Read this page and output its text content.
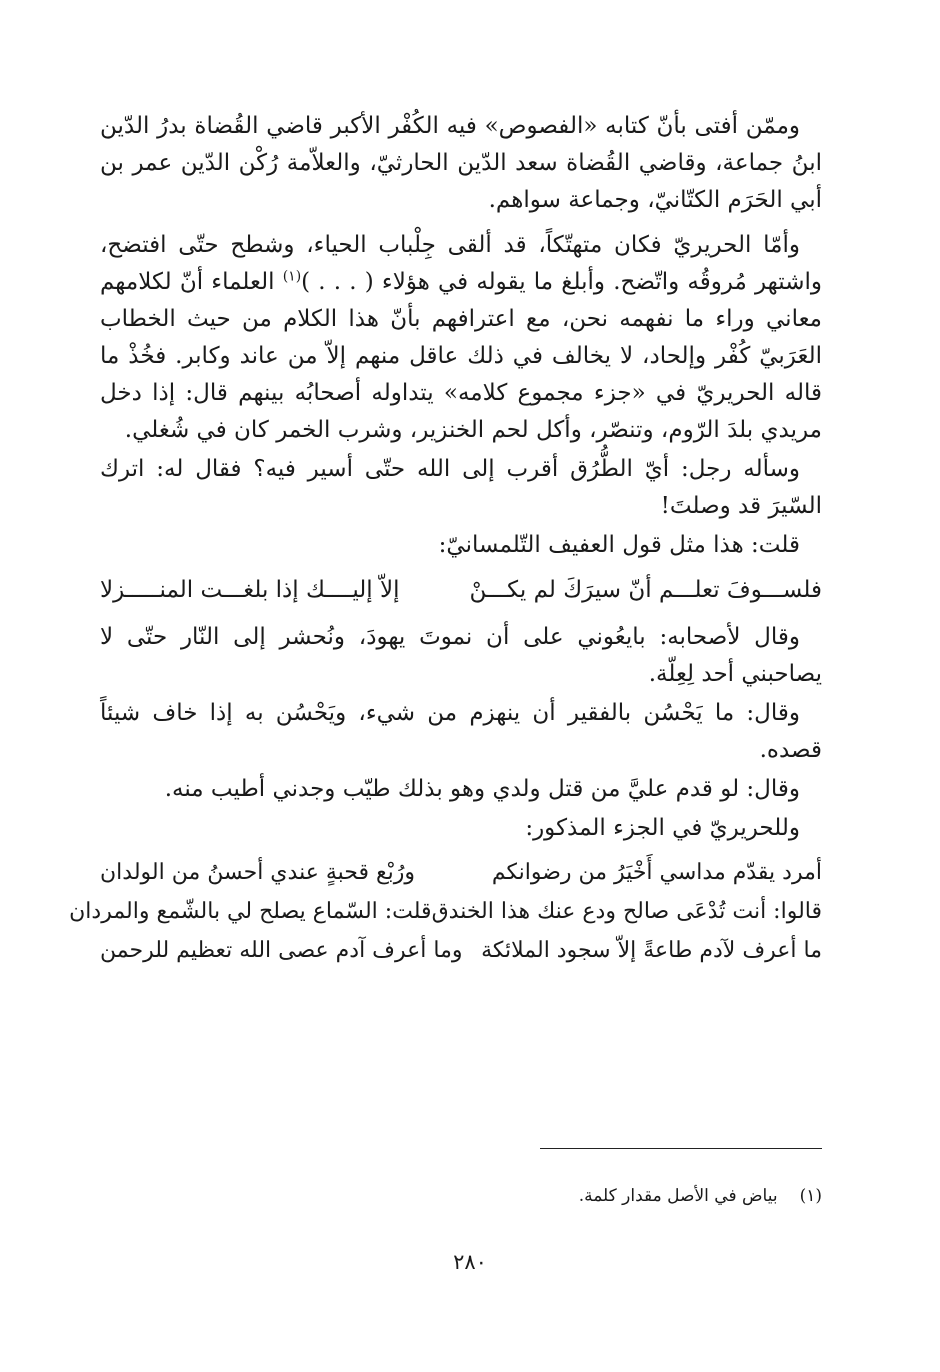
وممّن أفتى بأنّ كتابه «الفصوص» فيه الكُفْر الأكبر قاضي القُضاة بدرُ الدّين ابنُ جماعة، وقاضي القُضاة سعد الدّين الحارثيّ، والعلاّمة رُكْن الدّين عمر بن أبي الحَرَم الكتّانيّ، وجماعة سواهم.

وأمّا الحريريّ فكان متهتّكاً، قد ألقى جِلْباب الحياء، وشطح حتّى افتضح، واشتهر مُروقُه واتّضح. وأبلغ ما يقوله في هؤلاء ( . . . )$^{(١)}$ العلماء أنّ لكلامهم معاني وراء ما نفهمه نحن، مع اعترافهم بأنّ هذا الكلام من حيث الخطاب العَرَبيّ كُفْر وإلحاد، لا يخالف في ذلك عاقل منهم إلاّ من عاند وكابر. فخُذْ ما قاله الحريريّ في «جزء مجموع كلامه» يتداوله أصحابُه بينهم قال: إذا دخل مريدي بلدَ الرّوم، وتنصّر، وأكل لحم الخنزير، وشرب الخمر كان في شُغلي.

وسأله رجل: أيّ الطُّرُق أقرب إلى الله حتّى أسير فيه؟ فقال له: اترك السّيرَ قد وصلتَ!

قلت: هذا مثل قول العفيف التّلمسانيّ:

فلســـوفَ تعلـــم أنّ سيرَكَ لم يكـــنْ
إلاّ إليــــك إذا بلغـــت المنـــــزلا

وقال لأصحابه: بايعُوني على أن نموتَ يهودَ، ونُحشر إلى النّار حتّى لا يصاحبني أحد لِعِلّة.

وقال: ما يَحْسُن بالفقير أن ينهزم من شيء، ويَحْسُن به إذا خاف شيئاً قصده.

وقال: لو قدم عليَّ من قتل ولدي وهو بذلك طيّب وجدني أطيب منه.

وللحريريّ في الجزء المذكور:

أمرد يقدّم مداسي أَخْيَرُ من رضوانكم
ورُبْع قحبةٍ عندي أحسنُ من الولدان
قالوا: أنت تُدْعَى صالح ودع عنك هذا الخندق
قلت: السّماع يصلح لي بالشّمع والمردان
ما أعرف لآدم طاعةً إلاّ سجود الملائكة
وما أعرف آدم عصى الله تعظيم للرحمن
(١)بياض في الأصل مقدار كلمة.
٢٨٠
